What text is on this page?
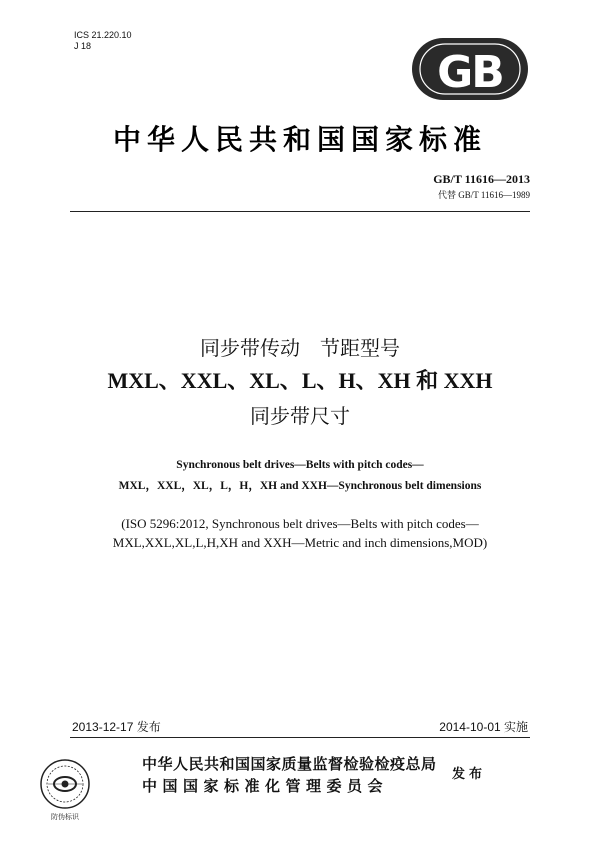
ICS 21.220.10
J 18
GB
中华人民共和国国家标准
GB/T 11616—2013
代替 GB/T 11616—1989
同步带传动　节距型号
MXL、XXL、XL、L、H、XH 和 XXH
同步带尺寸
Synchronous belt drives—Belts with pitch codes—
MXL，XXL，XL，L，H，XH and XXH—Synchronous belt dimensions
(ISO 5296:2012, Synchronous belt drives—Belts with pitch codes—
MXL,XXL,XL,L,H,XH and XXH—Metric and inch dimensions,MOD)
2013-12-17 发布	2014-10-01 实施
防伪标识
中华人民共和国国家质量监督检验检疫总局
中国国家标准化管理委员会
发布
